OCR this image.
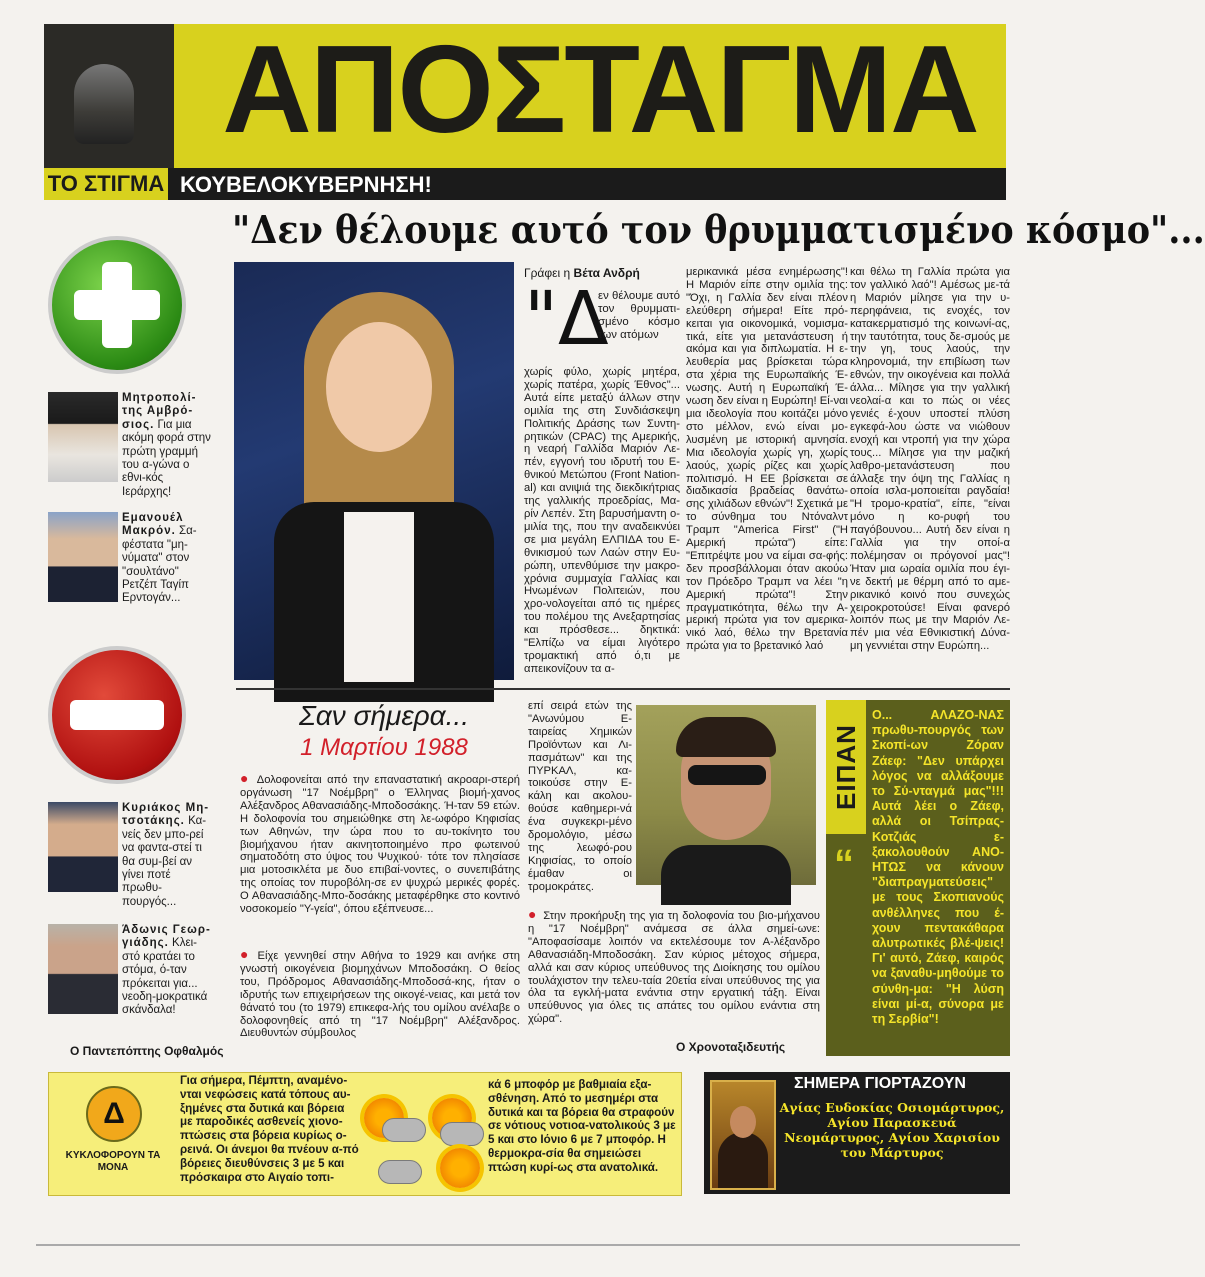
ΑΠΟΣΤΑΓΜΑ
ΤΟ ΣΤΙΓΜΑ ΚΟΥΒΕΛΟΚΥΒΕΡΝΗΣΗ!
"Δεν θέλουμε αυτό τον θρυμματισμένο κόσμο"...
Μητροπολί-της Αμβρό-σιος. Για μια ακόμη φορά στην πρώτη γραμμή του α-γώνα ο εθνι-κός Ιεράρχης!
Εμανουέλ Μακρόν. Σα-φέστατα "μη-νύματα" στον "σουλτάνο" Ρετζέπ Ταγίπ Ερντογάν...
Κυριάκος Μη-τσοτάκης. Κα-νείς δεν μπο-ρεί να φαντα-στεί τι θα συμ-βεί αν γίνει ποτέ πρωθυ-πουργός...
Άδωνις Γεωρ-γιάδης. Κλει-στό κρατάει το στόμα, ό-ταν πρόκειται για... νεοδη-μοκρατικά σκάνδαλα!
Ο Παντεπόπτης Οφθαλμός
Γράφει η Βέτα Ανδρή
"Δ
εν θέλουμε αυτό τον θρυμματι-σμένο κόσμο των ατόμων
χωρίς φύλο, χωρίς μητέρα, χωρίς πατέρα, χωρίς Έθνος"... Αυτά είπε μεταξύ άλλων στην ομιλία της στη Συνδιάσκεψη Πολιτικής Δράσης των Συντη-ρητικών (CPAC) της Αμερικής, η νεαρή Γαλλίδα Μαριόν Λε-πέν, εγγονή του ιδρυτή του Ε-θνικού Μετώπου (Front Nation-al) και ανιψιά της διεκδικήτριας της γαλλικής προεδρίας, Μα-ρίν Λεπέν. Στη βαρυσήμαντη ο-μιλία της, που την αναδεικνύει σε μια μεγάλη ΕΛΠΙΔΑ του Ε-θνικισμού των Λαών στην Ευ-ρώπη, υπενθύμισε την μακρο-χρόνια συμμαχία Γαλλίας και Ηνωμένων Πολιτειών, που χρο-νολογείται από τις ημέρες του πολέμου της Ανεξαρτησίας και πρόσθεσε... δηκτικά: "Ελπίζω να είμαι λιγότερο τρομακτική από ό,τι με απεικονίζουν τα α-
μερικανικά μέσα ενημέρωσης"! Η Μαριόν είπε στην ομιλία της: "Όχι, η Γαλλία δεν είναι πλέον ελεύθερη σήμερα! Είτε πρό-κειται για οικονομικά, νομισμα-τικά, είτε για μετανάστευση ή ακόμα και για διπλωματία. Η ε-λευθερία μας βρίσκεται τώρα στα χέρια της Ευρωπαϊκής Έ-νωσης. Αυτή η Ευρωπαϊκή Έ-νωση δεν είναι η Ευρώπη! Εί-ναι μια ιδεολογία που κοιτάζει μόνο στο μέλλον, ενώ είναι μο-λυσμένη με ιστορική αμνησία. Μια ιδεολογία χωρίς γη, χωρίς λαούς, χωρίς ρίζες και χωρίς πολιτισμό. Η ΕΕ βρίσκεται σε διαδικασία βραδείας θανάτω-σης χιλιάδων εθνών"! Σχετικά με το σύνθημα του Ντόναλντ Τραμπ "America First" ("Η Αμερική πρώτα") είπε: "Επιτρέψτε μου να είμαι σα-φής: δεν προσβάλλομαι όταν ακούω τον Πρόεδρο Τραμπ να λέει "η Αμερική πρώτα"! Στην πραγματικότητα, θέλω την Α-μερική πρώτα για τον αμερικα-νικό λαό, θέλω την Βρετανία πρώτα για το βρετανικό λαό
και θέλω τη Γαλλία πρώτα για τον γαλλικό λαό"! Αμέσως με-τά η Μαριόν μίλησε για την υ-περηφάνεια, τις ενοχές, τον κατακερματισμό της κοινωνί-ας, την ταυτότητα, τους δε-σμούς με την γη, τους λαούς, την κληρονομιά, την επιβίωση των εθνών, την οικογένεια και πολλά άλλα... Μίλησε για την γαλλική νεολαί-α και το πώς οι νέες γενιές έ-χουν υποστεί πλύση εγκεφά-λου ώστε να νιώθουν ενοχή και ντροπή για την χώρα τους... Μίλησε για την μαζική λαθρο-μετανάστευση που άλλαξε την όψη της Γαλλίας η οποία ισλα-μοποιείται ραγδαία! "Η τρομο-κρατία", είπε, "είναι μόνο η κο-ρυφή του παγόβουνου... Αυτή δεν είναι η Γαλλία για την οποί-α πολέμησαν οι πρόγονοί μας"! Ήταν μια ωραία ομιλία που έγι-νε δεκτή με θέρμη από το αμε-ρικανικό κοινό που συνεχώς χειροκροτούσε! Είναι φανερό λοιπόν πως με την Μαριόν Λε-πέν μια νέα Εθνικιστική Δύνα-μη γεννιέται στην Ευρώπη...
Σαν σήμερα...
1 Μαρτίου 1988
● Δολοφονείται από την επαναστατική ακροαρι-στερή οργάνωση "17 Νοέμβρη" ο Έλληνας βιομή-χανος Αλέξανδρος Αθανασιάδης-Μποδοσάκης. Ή-ταν 59 ετών. Η δολοφονία του σημειώθηκε στη λε-ωφόρο Κηφισίας των Αθηνών, την ώρα που το αυ-τοκίνητο του βιομήχανου ήταν ακινητοποιημένο προ φωτεινού σηματοδότη στο ύψος του Ψυχικού· τότε τον πλησίασε μια μοτοσικλέτα με δυο επιβαί-νοντες, ο συνεπιβάτης της οποίας τον πυροβόλη-σε εν ψυχρώ μερικές φορές. Ο Αθανασιάδης-Μπο-δοσάκης μεταφέρθηκε στο κοντινό νοσοκομείο "Υ-γεία", όπου εξέπνευσε...
● Είχε γεννηθεί στην Αθήνα το 1929 και ανήκε στη γνωστή οικογένεια βιομηχάνων Μποδοσάκη. Ο θείος του, Πρόδρομος Αθανασιάδης-Μποδοσά-κης, ήταν ο ιδρυτής των επιχειρήσεων της οικογέ-νειας, και μετά τον θάνατό του (το 1979) επικεφα-λής του ομίλου ανέλαβε ο δολοφονηθείς από τη "17 Νοέμβρη" Αλέξανδρος. Διευθυντών σύμβουλος
επί σειρά ετών της "Ανωνύμου Ε-ταιρείας Χημικών Προϊόντων και Λι-πασμάτων" και της ΠΥΡΚΑΛ, κα-τοικούσε στην Ε-κάλη και ακολου-θούσε καθημερι-νά ένα συγκεκρι-μένο δρομολόγιο, μέσω της λεωφό-ρου Κηφισίας, το οποίο έμαθαν οι τρομοκράτες.
● Στην προκήρυξη της για τη δολοφονία του βιο-μήχανου η "17 Νοέμβρη" ανάμεσα σε άλλα σημεί-ωνε: "Αποφασίσαμε λοιπόν να εκτελέσουμε τον Α-λέξανδρο Αθανασιάδη-Μποδοσάκη. Σαν κύριος μέτοχος σήμερα, αλλά και σαν κύριος υπεύθυνος της Διοίκησης του ομίλου τουλάχιστον την τελευ-ταία 20ετία είναι υπεύθυνος της για όλα τα εγκλή-ματα ενάντια στην εργατική τάξη. Είναι υπεύθυνος για όλες τις απάτες του ομίλου ενάντια στη χώρα".
Ο Χρονοταξιδευτής
ΕΙΠΑΝ
“
Ο... ΑΛΑΖΟ-ΝΑΣ πρωθυ-πουργός των Σκοπί-ων Ζόραν Ζάεφ: "Δεν υπάρχει λόγος να αλλάξουμε το Σύ-νταγμά μας"!!! Αυτά λέει ο Ζάεφ, αλλά οι Τσίπρας-Κοτζιάς ε-ξακολουθούν ΑΝΟ-ΗΤΩΣ να κάνουν "διαπραγματεύσεις" με τους Σκοπιανούς ανθέλληνες που έ-χουν πεντακάθαρα αλυτρωτικές βλέ-ψεις! Γι' αυτό, Ζάεφ, καιρός να ξαναθυ-μηθούμε το σύνθη-μα: "Η λύση είναι μί-α, σύνορα με τη Σερβία"!
Δ
ΚΥΚΛΟΦΟΡΟΥΝ ΤΑ ΜΟΝΑ
Για σήμερα, Πέμπτη, αναμένο-νται νεφώσεις κατά τόπους αυ-ξημένες στα δυτικά και βόρεια με παροδικές ασθενείς χιονο-πτώσεις στα βόρεια κυρίως ο-ρεινά. Οι άνεμοι θα πνέουν α-πό βόρειες διευθύνσεις 3 με 5 και πρόσκαιρα στο Αιγαίο τοπι-
κά 6 μποφόρ με βαθμιαία εξα-σθένηση. Από το μεσημέρι στα δυτικά και τα βόρεια θα στραφούν σε νότιους νοτιοα-νατολικούς 3 με 5 και στο Ιόνιο 6 με 7 μποφόρ. Η θερμοκρα-σία θα σημειώσει πτώση κυρί-ως στα ανατολικά.
ΣΗΜΕΡΑ ΓΙΟΡΤΑΖΟΥΝ
Αγίας Ευδοκίας Οσιομάρτυρος, Αγίου Παρασκευά Νεομάρτυρος, Αγίου Χαρισίου του Μάρτυρος
